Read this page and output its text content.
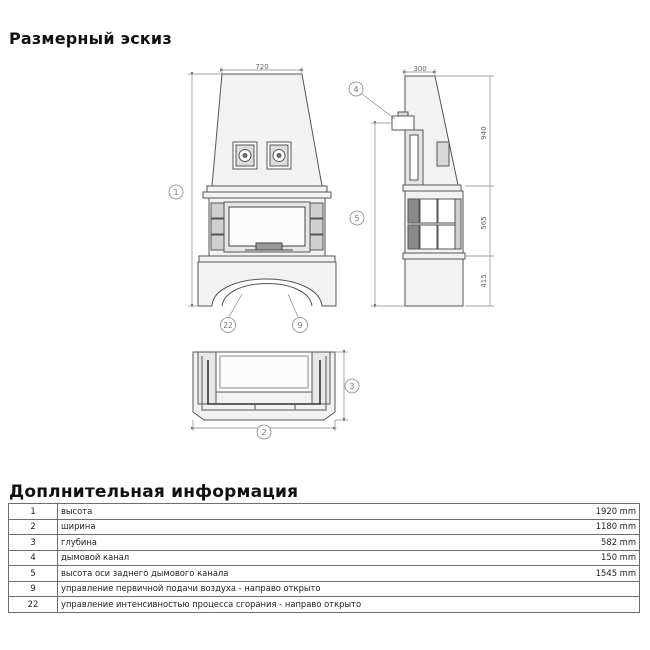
Размерный эскиз
720
1
22	9
300
940
565
415
4
5
2
3
Доплнительная информация
1	высота	1920 mm
2	ширина	1180 mm
3	глубина	582 mm
4	дымовой канал	150 mm
5	высота оси заднего дымового канала	1545 mm
9	управление первичной подачи воздуха - направо открыто	
22	управление интенсивностью процесса сгорания - направо открыто	
